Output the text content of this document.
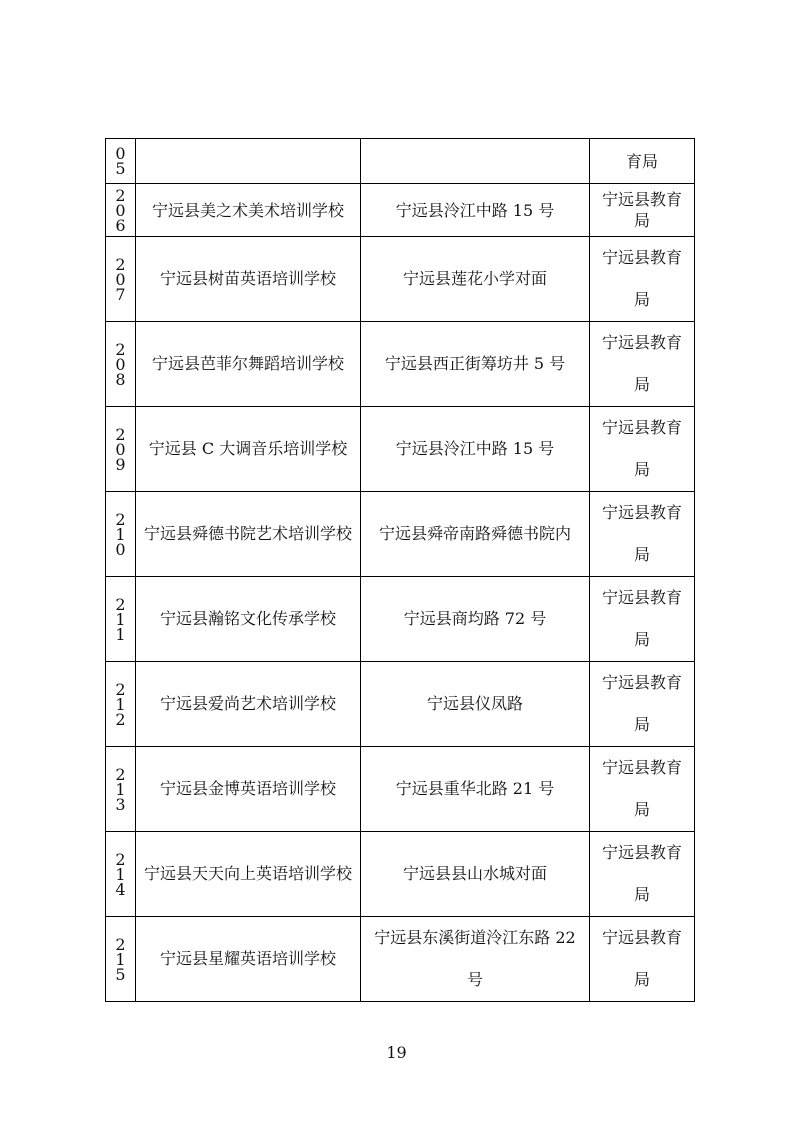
0
5			育局

2
0
6	宁远县美之术美术培训学校	宁远县泠江中路 15 号	宁远县教育局

2
0
7	宁远县树苗英语培训学校	宁远县莲花小学对面	宁远县教育局

2
0
8	宁远县芭菲尔舞蹈培训学校	宁远县西正街筹坊井 5 号	宁远县教育局

2
0
9	宁远县 C 大调音乐培训学校	宁远县泠江中路 15 号	宁远县教育局

2
1
0	宁远县舜德书院艺术培训学校	宁远县舜帝南路舜德书院内	宁远县教育局

2
1
1	宁远县瀚铭文化传承学校	宁远县商均路 72 号	宁远县教育局

2
1
2	宁远县爱尚艺术培训学校	宁远县仪凤路	宁远县教育局

2
1
3	宁远县金博英语培训学校	宁远县重华北路 21 号	宁远县教育局

2
1
4	宁远县天天向上英语培训学校	宁远县县山水城对面	宁远县教育局

2
1
5	宁远县星耀英语培训学校	宁远县东溪街道泠江东路 22 号	宁远县教育局
19
